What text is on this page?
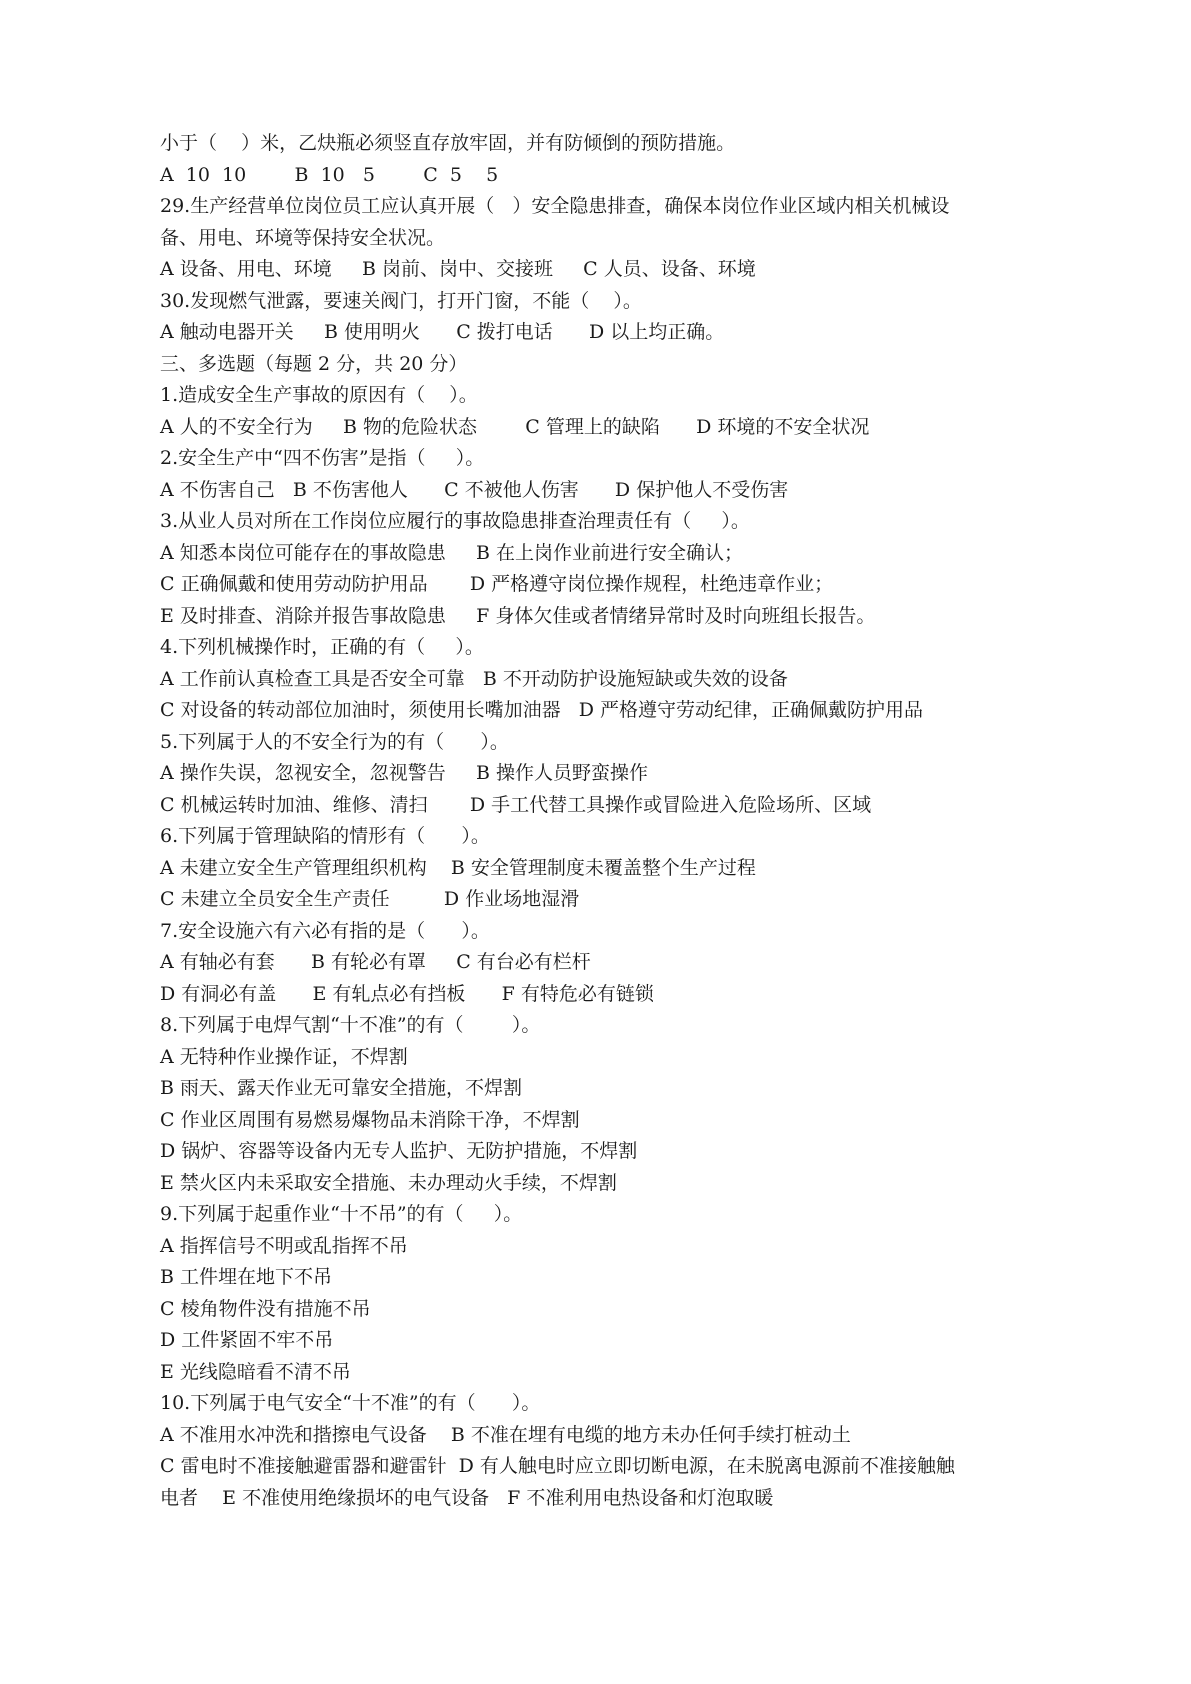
小于（    ）米，乙炔瓶必须竖直存放牢固，并有防倾倒的预防措施。
A  10  10        B  10   5        C  5    5
29.生产经营单位岗位员工应认真开展（   ）安全隐患排查，确保本岗位作业区域内相关机械设
备、用电、环境等保持安全状况。
A 设备、用电、环境     B 岗前、岗中、交接班     C 人员、设备、环境
30.发现燃气泄露，要速关阀门，打开门窗，不能（    ）。
A 触动电器开关     B 使用明火      C 拨打电话      D 以上均正确。
三、多选题（每题 2 分，共 20 分）
1.造成安全生产事故的原因有（    ）。
A 人的不安全行为     B 物的危险状态        C 管理上的缺陷      D 环境的不安全状况
2.安全生产中“四不伤害”是指（     ）。
A 不伤害自己   B 不伤害他人      C 不被他人伤害      D 保护他人不受伤害
3.从业人员对所在工作岗位应履行的事故隐患排查治理责任有（     ）。
A 知悉本岗位可能存在的事故隐患     B 在上岗作业前进行安全确认；
C 正确佩戴和使用劳动防护用品       D 严格遵守岗位操作规程，杜绝违章作业；
E 及时排查、消除并报告事故隐患     F 身体欠佳或者情绪异常时及时向班组长报告。
4.下列机械操作时，正确的有（     ）。
A 工作前认真检查工具是否安全可靠   B 不开动防护设施短缺或失效的设备
C 对设备的转动部位加油时，须使用长嘴加油器   D 严格遵守劳动纪律，正确佩戴防护用品
5.下列属于人的不安全行为的有（      ）。
A 操作失误，忽视安全，忽视警告     B 操作人员野蛮操作
C 机械运转时加油、维修、清扫       D 手工代替工具操作或冒险进入危险场所、区域
6.下列属于管理缺陷的情形有（      ）。
A 未建立安全生产管理组织机构    B 安全管理制度未覆盖整个生产过程
C 未建立全员安全生产责任         D 作业场地湿滑
7.安全设施六有六必有指的是（      ）。
A 有轴必有套      B 有轮必有罩     C 有台必有栏杆
D 有洞必有盖      E 有轧点必有挡板      F 有特危必有链锁
8.下列属于电焊气割“十不准”的有（        ）。
A 无特种作业操作证，不焊割
B 雨天、露天作业无可靠安全措施，不焊割
C 作业区周围有易燃易爆物品未消除干净，不焊割
D 锅炉、容器等设备内无专人监护、无防护措施，不焊割
E 禁火区内未采取安全措施、未办理动火手续，不焊割
9.下列属于起重作业“十不吊”的有（     ）。
A 指挥信号不明或乱指挥不吊
B 工件埋在地下不吊
C 棱角物件没有措施不吊
D 工件紧固不牢不吊
E 光线隐暗看不清不吊
10.下列属于电气安全“十不准”的有（      ）。
A 不准用水冲洗和揩擦电气设备    B 不准在埋有电缆的地方未办任何手续打桩动土
C 雷电时不准接触避雷器和避雷针  D 有人触电时应立即切断电源，在未脱离电源前不准接触触
电者    E 不准使用绝缘损坏的电气设备   F 不准利用电热设备和灯泡取暖
